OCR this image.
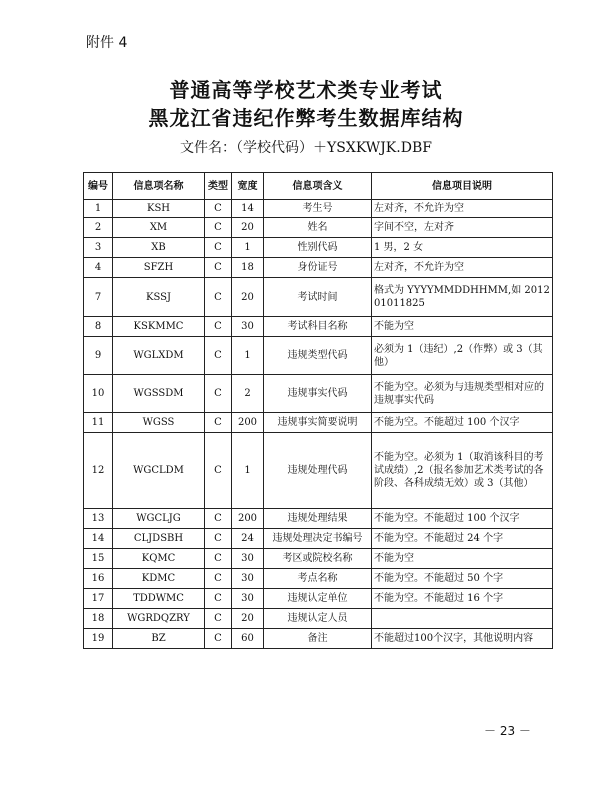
附件 4
普通高等学校艺术类专业考试
黑龙江省违纪作弊考生数据库结构
文件名：（学校代码）＋YSXKWJK.DBF
编号	信息项名称	类型	宽度	信息项含义	信息项目说明
1	KSH	C	14	考生号	左对齐，不允许为空
2	XM	C	20	姓名	字间不空，左对齐
3	XB	C	1	性别代码	1 男，2 女
4	SFZH	C	18	身份证号	左对齐，不允许为空
7	KSSJ	C	20	考试时间	格式为 YYYYMMDDHHMM,如 201201011825
8	KSKMMC	C	30	考试科目名称	不能为空
9	WGLXDM	C	1	违规类型代码	必须为 1（违纪）,2（作弊）或 3（其他）
10	WGSSDM	C	2	违规事实代码	不能为空。必须为与违规类型相对应的违规事实代码
11	WGSS	C	200	违规事实简要说明	不能为空。不能超过 100 个汉字
12	WGCLDM	C	1	违规处理代码	不能为空。必须为 1（取消该科目的考试成绩）,2（报名参加艺术类考试的各阶段、各科成绩无效）或 3（其他）
13	WGCLJG	C	200	违规处理结果	不能为空。不能超过 100 个汉字
14	CLJDSBH	C	24	违规处理决定书编号	不能为空。不能超过 24 个字
15	KQMC	C	30	考区或院校名称	不能为空
16	KDMC	C	30	考点名称	不能为空。不能超过 50 个字
17	TDDWMC	C	30	违规认定单位	不能为空。不能超过 16 个字
18	WGRDQZRY	C	20	违规认定人员	
19	BZ	C	60	备注	不能超过100个汉字，其他说明内容
－ 23 －
